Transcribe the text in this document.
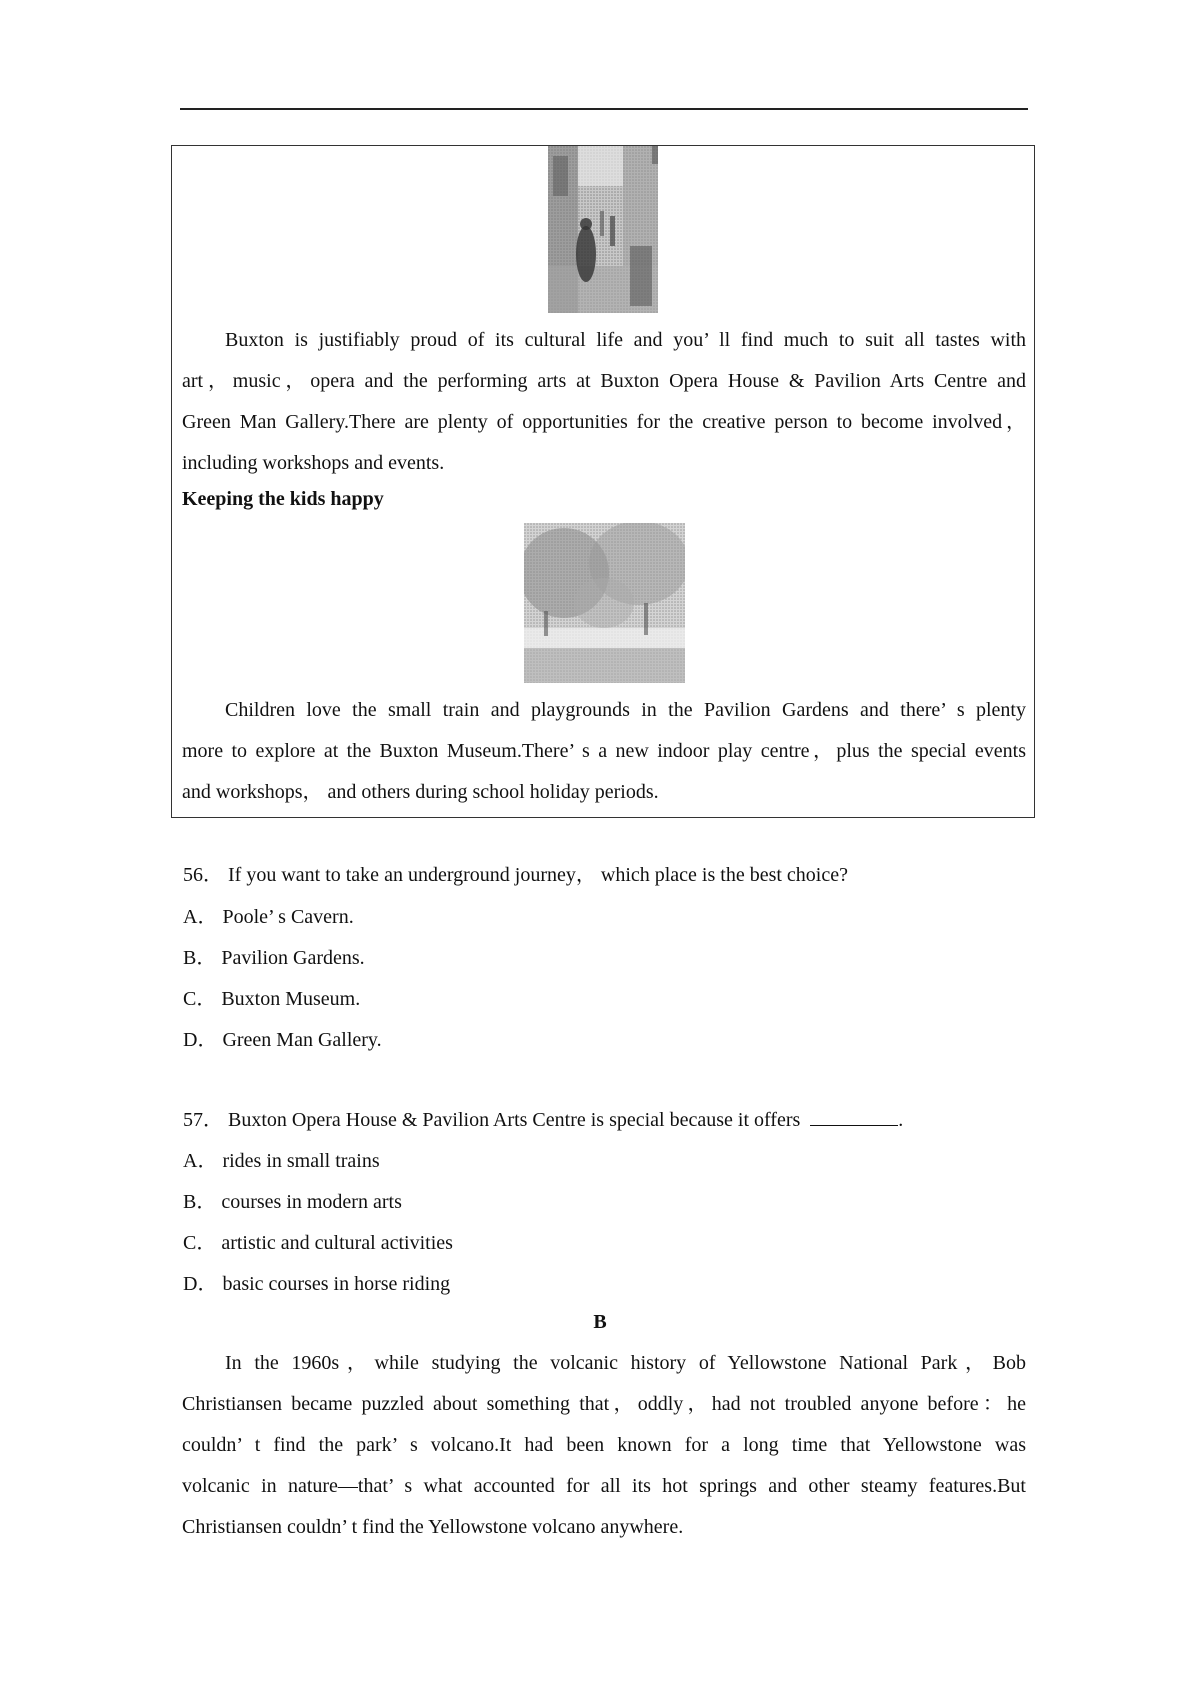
Buxton is justifiably proud of its cultural life and you’ ll find much to suit all tastes with

art，music，opera and the performing arts at Buxton Opera House & Pavilion Arts Centre and

Green Man Gallery.There are plenty of opportunities for the creative person to become involved，

including workshops and events.

Keeping the kids happy

Children love the small train and playgrounds in the Pavilion Gardens and there’ s plenty

more to explore at the Buxton Museum.There’ s a new indoor play centre，plus the special events

and workshops， and others during school holiday periods.

56． If you want to take an underground journey， which place is the best choice?

A． Poole’ s Cavern.

B． Pavilion Gardens.

C． Buxton Museum.

D． Green Man Gallery.

57． Buxton Opera House & Pavilion Arts Centre is special because it offers	.

A． rides in small trains

B． courses in modern arts

C． artistic and cultural activities

D． basic courses in horse riding

B

In the 1960s，while studying the volcanic history of Yellowstone National Park，Bob

Christiansen became puzzled about something that，oddly，had not troubled anyone before：he

couldn’ t find the park’ s volcano.It had been known for a long time that Yellowstone was

volcanic in nature—that’ s what accounted for all its hot springs and other steamy features.But

Christiansen couldn’ t find the Yellowstone volcano anywhere.
